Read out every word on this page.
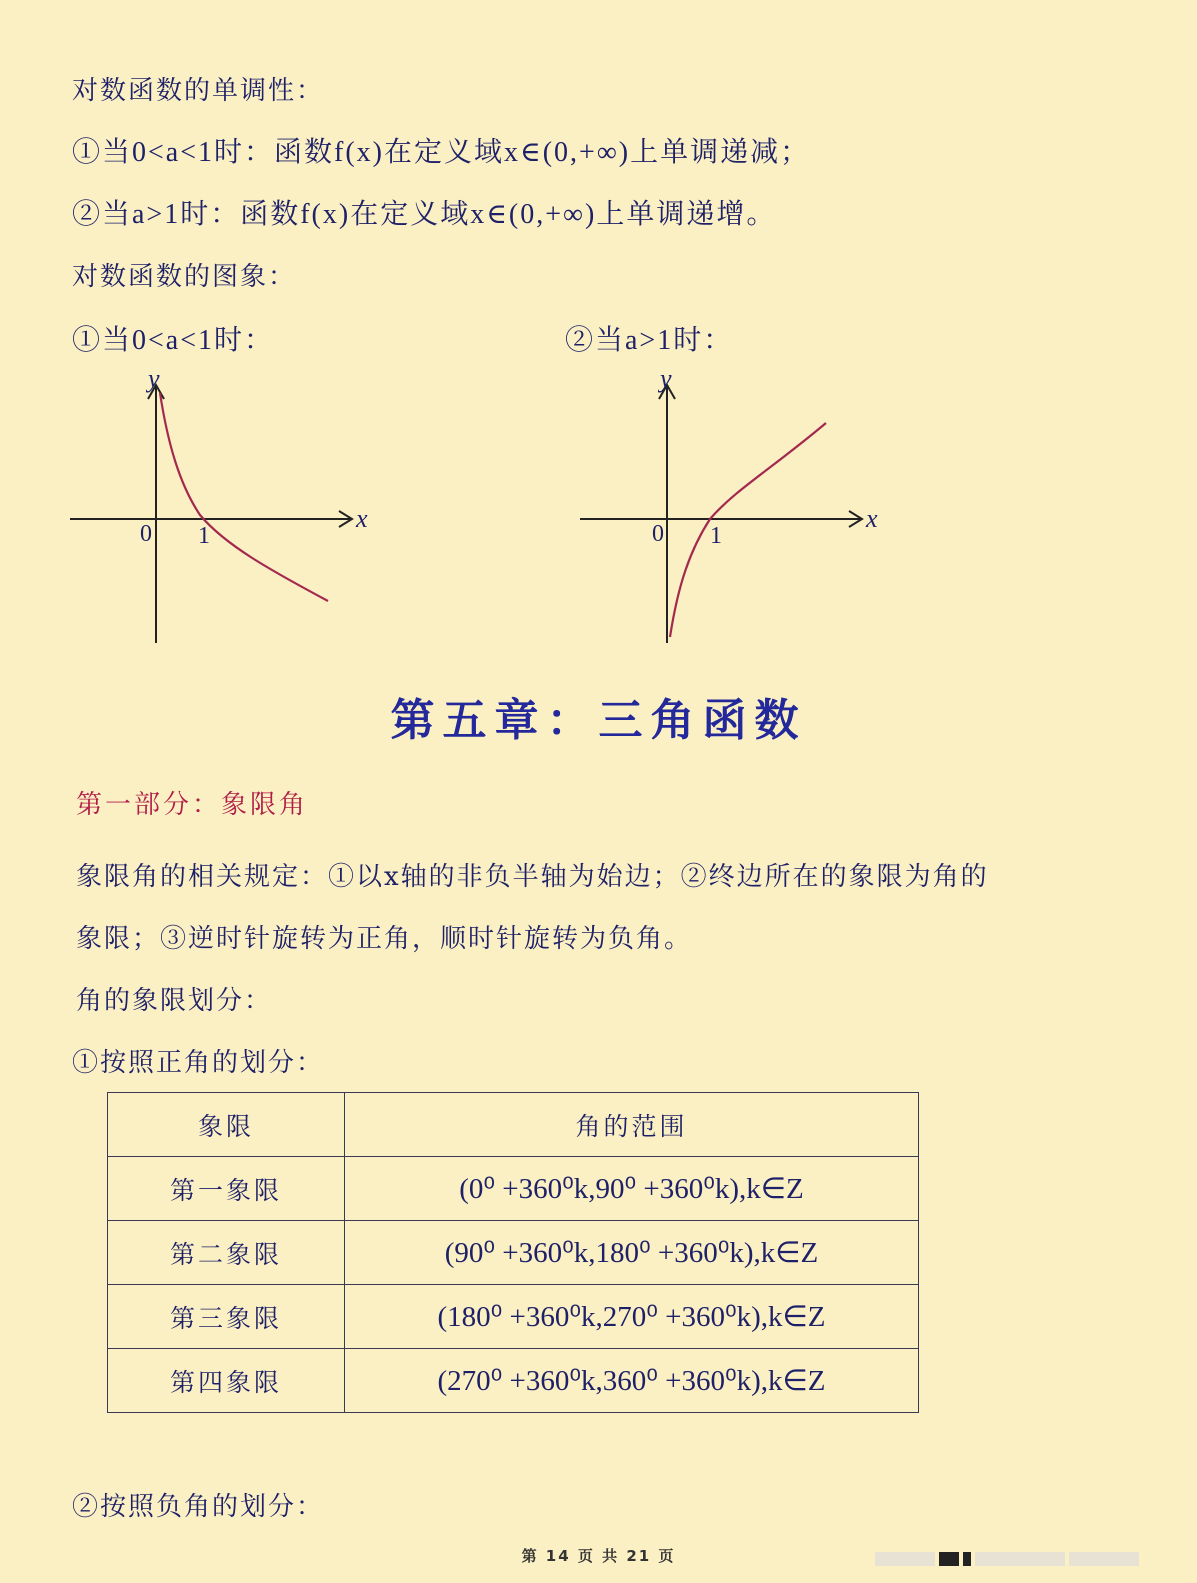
对数函数的单调性：
①当0<a<1时：函数f(x)在定义域x∈(0,+∞)上单调递减；
②当a>1时：函数f(x)在定义域x∈(0,+∞)上单调递增。
对数函数的图象：
①当0<a<1时：	②当a>1时：
x
y
0 1
x
y
0 1
第五章：三角函数
第一部分：象限角
象限角的相关规定：①以x轴的非负半轴为始边；②终边所在的象限为角的
象限；③逆时针旋转为正角，顺时针旋转为负角。
角的象限划分：
①按照正角的划分：
象限	角的范围
第一象限	(0⁰ +360⁰k,90⁰ +360⁰k),k∈Z
第二象限	(90⁰ +360⁰k,180⁰ +360⁰k),k∈Z
第三象限	(180⁰ +360⁰k,270⁰ +360⁰k),k∈Z
第四象限	(270⁰ +360⁰k,360⁰ +360⁰k),k∈Z
②按照负角的划分：
第 14 页 共 21 页
